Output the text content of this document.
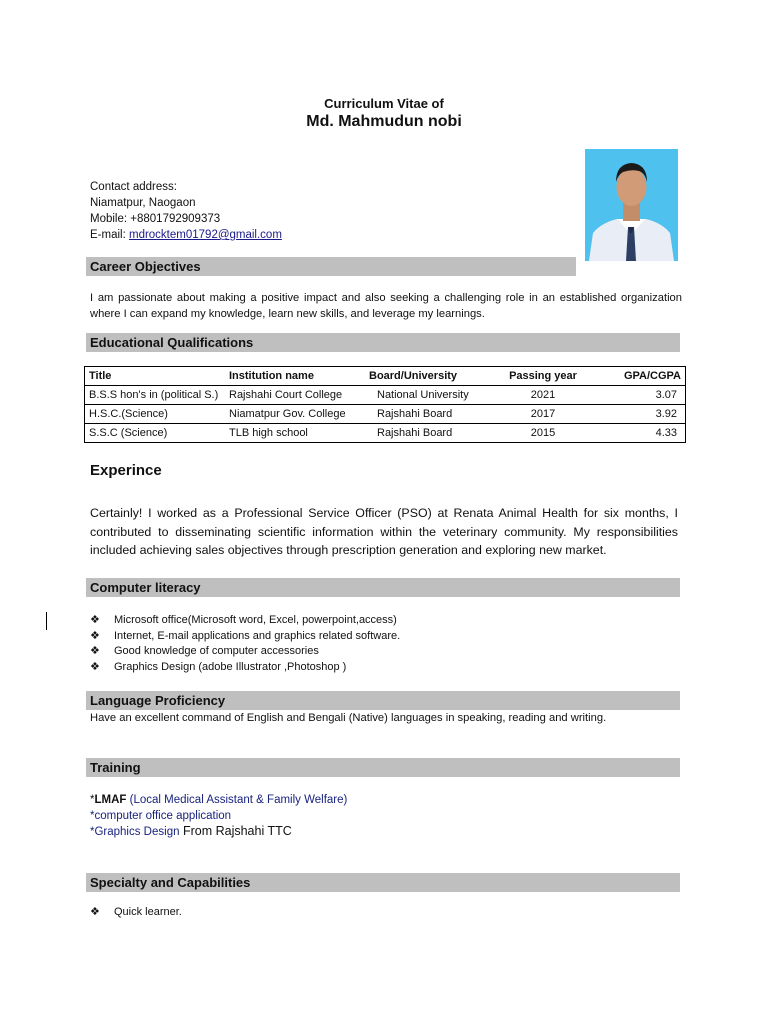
Curriculum Vitae of
Md. Mahmudun nobi
Contact address:
Niamatpur, Naogaon
Mobile: +8801792909373
E-mail: mdrocktem01792@gmail.com
Career Objectives
I am passionate about making a positive impact and also seeking a challenging role in an established organization where I can expand my knowledge, learn new skills, and leverage my learnings.
Educational Qualifications
Title	Institution name	Board/University	Passing year	GPA/CGPA
B.S.S hon's in (political S.)	Rajshahi Court College	National University	2021	3.07
H.S.C.(Science)	Niamatpur Gov. College	Rajshahi Board	2017	3.92
S.S.C (Science)	TLB high school	Rajshahi Board	2015	4.33
Experince
Certainly! I worked as a Professional Service Officer (PSO) at Renata Animal Health for six months, I contributed to disseminating scientific information within the veterinary community. My responsibilities included achieving sales objectives through prescription generation and exploring new market.
Computer literacy
❖ Microsoft office(Microsoft word, Excel, powerpoint,access)
❖ Internet, E-mail applications and graphics related software.
❖ Good knowledge of computer accessories
❖ Graphics Design (adobe Illustrator ,Photoshop )
Language Proficiency
Have an excellent command of English and Bengali (Native) languages in speaking, reading and writing.
Training
*LMAF (Local Medical Assistant & Family Welfare)
*computer office application
*Graphics Design From Rajshahi TTC
Specialty and Capabilities
❖ Quick learner.
